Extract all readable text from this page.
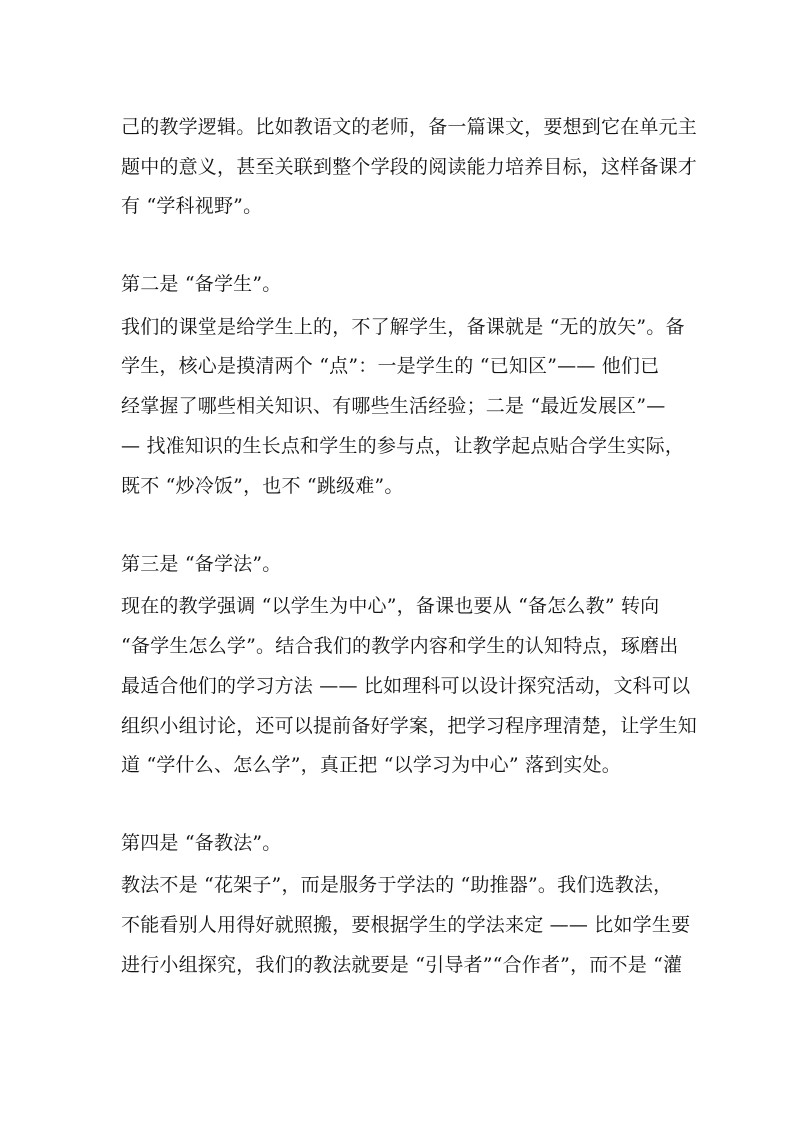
己的教学逻辑。比如教语文的老师，备一篇课文，要想到它在单元主
题中的意义，甚至关联到整个学段的阅读能力培养目标，这样备课才
有 “学科视野”。
第二是 “备学生”。
我们的课堂是给学生上的，不了解学生，备课就是 “无的放矢”。备
学生，核心是摸清两个 “点”：一是学生的 “已知区”—— 他们已
经掌握了哪些相关知识、有哪些生活经验；二是 “最近发展区”—
— 找准知识的生长点和学生的参与点，让教学起点贴合学生实际，
既不 “炒冷饭”，也不 “跳级难”。
第三是 “备学法”。
现在的教学强调 “以学生为中心”，备课也要从 “备怎么教” 转向
“备学生怎么学”。结合我们的教学内容和学生的认知特点，琢磨出
最适合他们的学习方法 —— 比如理科可以设计探究活动，文科可以
组织小组讨论，还可以提前备好学案，把学习程序理清楚，让学生知
道 “学什么、怎么学”，真正把 “以学习为中心” 落到实处。
第四是 “备教法”。
教法不是 “花架子”，而是服务于学法的 “助推器”。我们选教法，
不能看别人用得好就照搬，要根据学生的学法来定 —— 比如学生要
进行小组探究，我们的教法就要是 “引导者”“合作者”，而不是 “灌
